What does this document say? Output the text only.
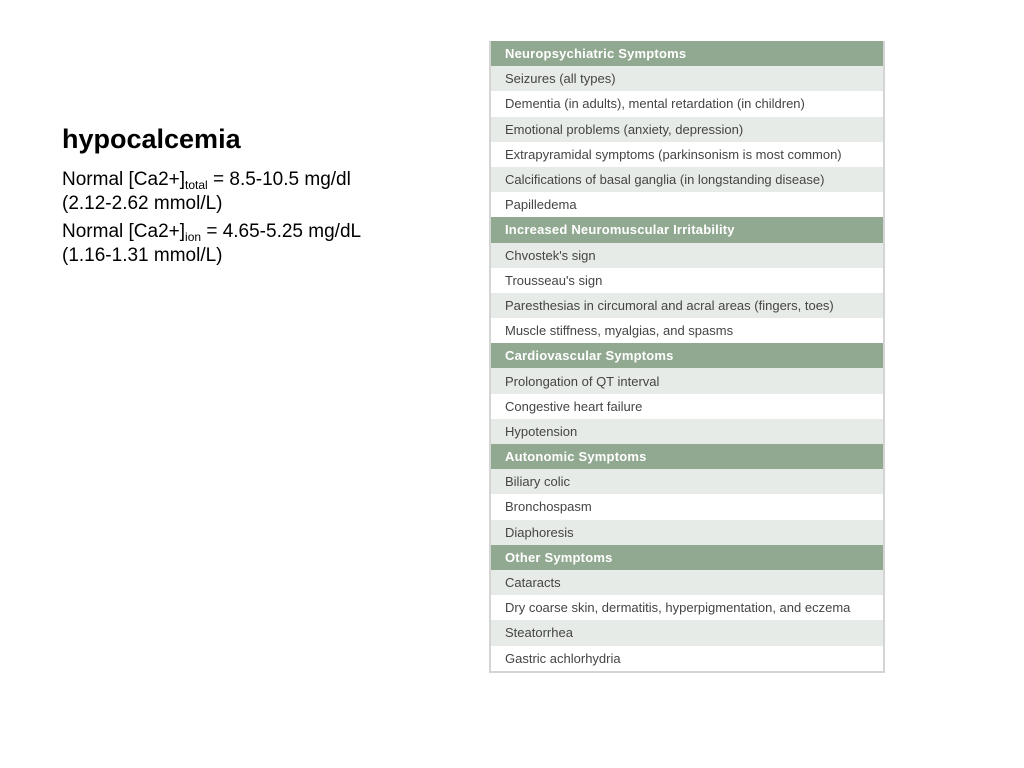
hypocalcemia
Normal $[Ca2+]_{total} = 8.5-10.5$ mg/dl (2.12-2.62 mmol/L)
Normal $[Ca2+]_{ion} = 4.65-5.25$ mg/dL (1.16-1.31 mmol/L)
Neuropsychiatric Symptoms
Seizures (all types)
Dementia (in adults), mental retardation (in children)
Emotional problems (anxiety, depression)
Extrapyramidal symptoms (parkinsonism is most common)
Calcifications of basal ganglia (in longstanding disease)
Papilledema
Increased Neuromuscular Irritability
Chvostek's sign
Trousseau's sign
Paresthesias in circumoral and acral areas (fingers, toes)
Muscle stiffness, myalgias, and spasms
Cardiovascular Symptoms
Prolongation of QT interval
Congestive heart failure
Hypotension
Autonomic Symptoms
Biliary colic
Bronchospasm
Diaphoresis
Other Symptoms
Cataracts
Dry coarse skin, dermatitis, hyperpigmentation, and eczema
Steatorrhea
Gastric achlorhydria
